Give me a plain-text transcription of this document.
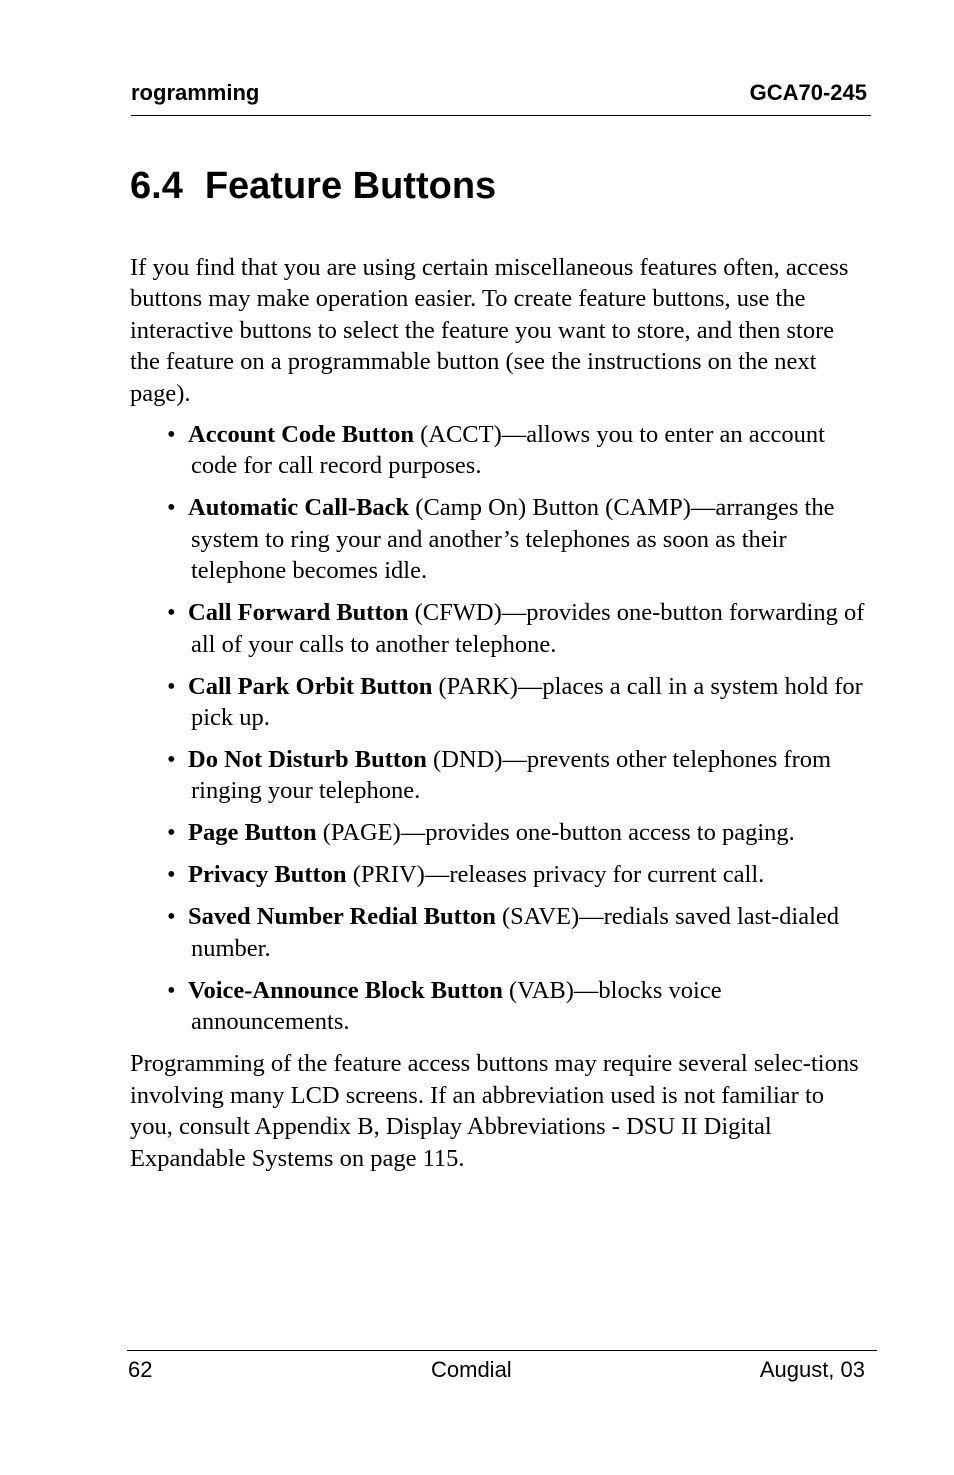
rogramming	GCA70-245
6.4 Feature Buttons

If you find that you are using certain miscellaneous features often, access buttons may make operation easier. To create feature buttons, use the interactive buttons to select the feature you want to store, and then store the feature on a programmable button (see the instructions on the next page).

• Account Code Button (ACCT)—allows you to enter an account code for call record purposes.
• Automatic Call-Back (Camp On) Button (CAMP)—arranges the system to ring your and another’s telephones as soon as their telephone becomes idle.
• Call Forward Button (CFWD)—provides one-button forwarding of all of your calls to another telephone.
• Call Park Orbit Button (PARK)—places a call in a system hold for pick up.
• Do Not Disturb Button (DND)—prevents other telephones from ringing your telephone.
• Page Button (PAGE)—provides one-button access to paging.
• Privacy Button (PRIV)—releases privacy for current call.
• Saved Number Redial Button (SAVE)—redials saved last-dialed number.
• Voice-Announce Block Button (VAB)—blocks voice announcements.

Programming of the feature access buttons may require several selec-tions involving many LCD screens. If an abbreviation used is not familiar to you, consult Appendix B, Display Abbreviations - DSU II Digital Expandable Systems on page 115.

62	Comdial	August, 03
